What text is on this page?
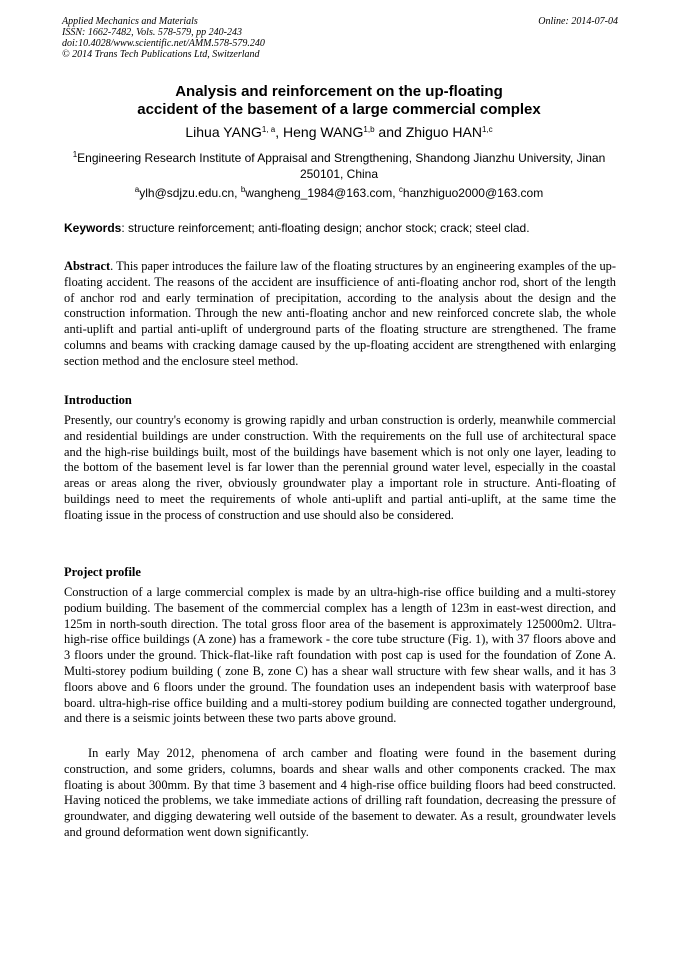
Applied Mechanics and Materials
ISSN: 1662-7482, Vols. 578-579, pp 240-243
doi:10.4028/www.scientific.net/AMM.578-579.240
© 2014 Trans Tech Publications Ltd, Switzerland
Online: 2014-07-04
Analysis and reinforcement on the up-floating
accident of the basement of a large commercial complex
Lihua YANG$^{1, a}$, Heng WANG$^{1,b}$ and Zhiguo HAN$^{1,c}$
$^1$Engineering Research Institute of Appraisal and Strengthening, Shandong Jianzhu University, Jinan 250101, China
$^a$ylh@sdjzu.edu.cn, $^b$wangheng_1984@163.com, $^c$hanzhiguo2000@163.com
Keywords: structure reinforcement; anti-floating design; anchor stock; crack; steel clad.

Abstract. This paper introduces the failure law of the floating structures by an engineering examples of the up-floating accident. The reasons of the accident are insufficience of anti-floating anchor rod, short of the length of anchor rod and early termination of precipitation, according to the analysis about the design and the construction information. Through the new anti-floating anchor and new reinforced concrete slab, the whole anti-uplift and partial anti-uplift of underground parts of the floating structure are strengthened. The frame columns and beams with cracking damage caused by the up-floating accident are strengthened with enlarging section method and the enclosure steel method.

Introduction

Presently, our country's economy is growing rapidly and urban construction is orderly, meanwhile commercial and residential buildings are under construction. With the requirements on the full use of architectural space and the high-rise buildings built, most of the buildings have basement which is not only one layer, leading to the bottom of the basement level is far lower than the perennial ground water level, especially in the coastal areas or areas along the river, obviously groundwater play a important role in structure. Anti-floating of buildings need to meet the requirements of whole anti-uplift and partial anti-uplift, at the same time the floating issue in the process of construction and use should also be considered.

Project profile

Construction of a large commercial complex is made by an ultra-high-rise office building and a multi-storey podium building. The basement of the commercial complex has a length of 123m in east-west direction, and 125m in north-south direction. The total gross floor area of the basement is approximately 125000m2. Ultra-high-rise office buildings (A zone) has a framework - the core tube structure (Fig. 1), with 37 floors above and 3 floors under the ground. Thick-flat-like raft foundation with post cap is used for the foundation of Zone A. Multi-storey podium building ( zone B, zone C) has a shear wall structure with few shear walls, and it has 3 floors above and 6 floors under the ground. The foundation uses an independent basis with waterproof base board. ultra-high-rise office building and a multi-storey podium building are connected togather underground, and there is a seismic joints between these two parts above ground.

In early May 2012, phenomena of arch camber and floating were found in the basement during construction, and some griders, columns, boards and shear walls and other components cracked. The max floating is about 300mm. By that time 3 basement and 4 high-rise office building floors had beed constructed. Having noticed the problems, we take immediate actions of drilling raft foundation, decreasing the pressure of groundwater, and digging dewatering well outside of the basement to dewater. As a result, groundwater levels and ground deformation went down significantly.
